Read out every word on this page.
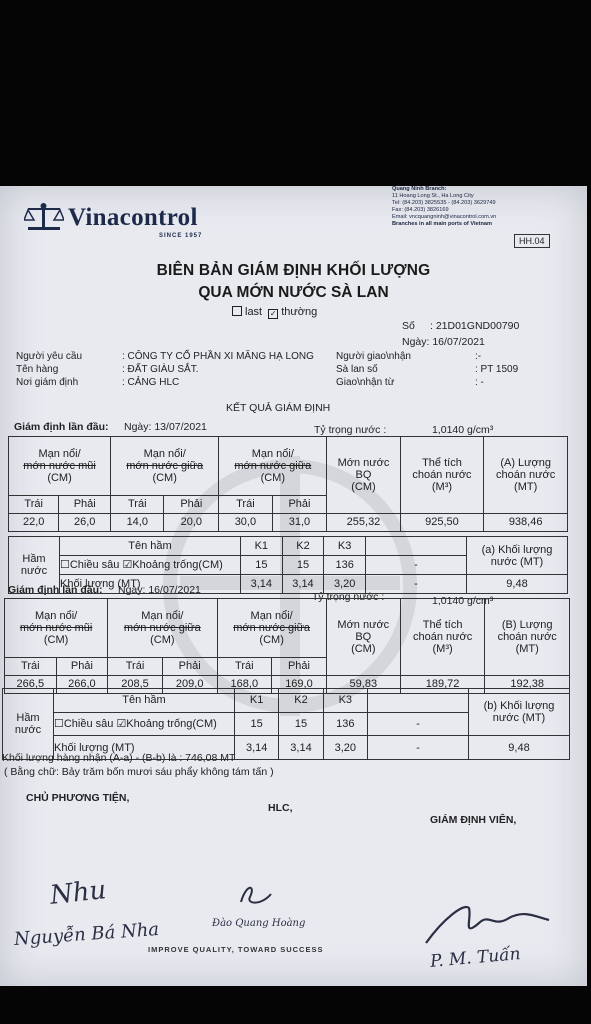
Vinacontrol
SINCE 1957
Quang Ninh Branch:
11 Hoang Long St., Ha Long City
Tel: (84.203) 3825535 - (84.203) 3629749
Fax: (84.203) 3826169
Email: vncquangninh@vinacontrol.com.vn
Branches in all main ports of Vietnam
HH.04
BIÊN BẢN GIÁM ĐỊNH KHỐI LƯỢNG
QUA MỚN NƯỚC SÀ LAN
last ✓ thường
Số : 21D01GND00790
Ngày: 16/07/2021
Người yêu cầu	: CÔNG TY CỔ PHẦN XI MĂNG HẠ LONG
Tên hàng	: ĐẤT GIÀU SẮT.
Nơi giám định	: CẢNG HLC
Người giao\nhận	:-
Sà lan số	: PT 1509
Giao\nhận từ	: -
KẾT QUẢ GIÁM ĐỊNH
Giám định lần đầu: Ngày: 13/07/2021	Tỷ trọng nước :	1,0140 g/cm³
Mạn nổi/
mớn nước mũi
(CM)		Mạn nổi/
mớn nước giữa
(CM)		Mạn nổi/
mớn nước giữa
(CM)		Mớn nước
BQ
(CM)	Thể tích
choán nước
(M³)	(A) Lượng
choán nước
(MT)
Trái	Phải	Trái	Phải	Trái	Phải			
22,0	26,0	14,0	20,0	30,0	31,0	255,32	925,50	938,46
Hầm
nước	Tên hầm	K1	K2	K3		(a) Khối lượng
nước (MT)
	☐Chiều sâu ☑Khoảng trống(CM)	15	15	136	-	
	Khối lượng (MT)	3,14	3,14	3,20	-	9,48
Giám định lần đầu: Ngày: 16/07/2021
Tỷ trọng nước :	1,0140 g/cm³
Mạn nổi/
mớn nước mũi
(CM)		Mạn nổi/
mớn nước giữa
(CM)		Mạn nổi/
mớn nước giữa
(CM)		Mớn nước
BQ
(CM)	Thể tích
choán nước
(M³)	(B) Lượng
choán nước
(MT)
Trái	Phải	Trái	Phải	Trái	Phải			
266,5	266,0	208,5	209,0	168,0	169,0	59,83	189,72	192,38
Hầm
nước	Tên hầm	K1	K2	K3		(b) Khối lượng
nước (MT)
	☐Chiều sâu ☑Khoảng trống(CM)	15	15	136	-	
	Khối lượng (MT)	3,14	3,14	3,20	-	9,48
Khối lượng hàng nhận (A-a) - (B-b) là : 746,08 MT
( Bằng chữ: Bảy trăm bốn mươi sáu phẩy không tám tấn )
CHỦ PHƯƠNG TIỆN,
HLC,
GIÁM ĐỊNH VIÊN,
Nhu
Nguyễn Bá Nha	Đào Quang Hoàng
P. M. Tuấn
IMPROVE QUALITY, TOWARD SUCCESS
